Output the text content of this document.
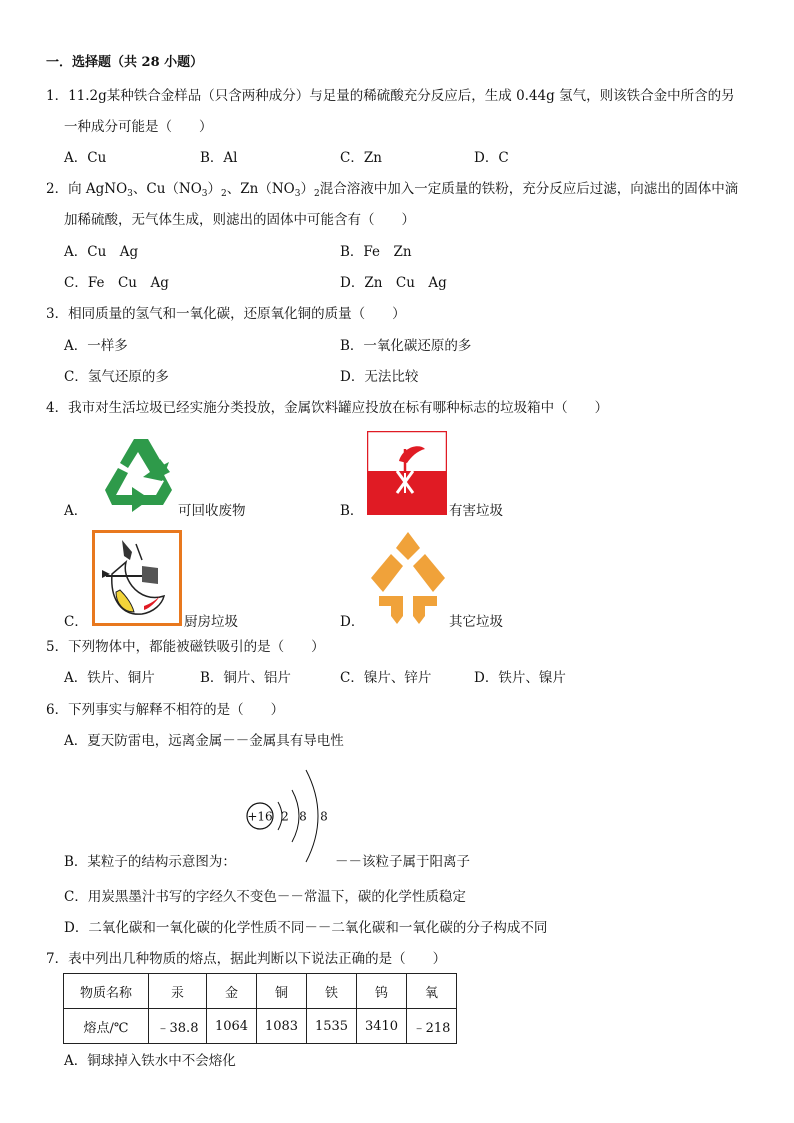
一．选择题（共 28 小题）
1．11.2g某种铁合金样品（只含两种成分）与足量的稀硫酸充分反应后，生成 0.44g 氢气，则该铁合金中所含的另
一种成分可能是（　　）
A．Cu	B．Al	C．Zn	D．C
2．向 AgNO$_3$、$Cu(NO_3)_2$、$Zn(NO_3)_2$混合溶液中加入一定质量的铁粉，充分反应后过滤，向滤出的固体中滴
加稀硫酸，无气体生成，则滤出的固体中可能含有（　　）
A．Cu　Ag	B．Fe　Zn
C．Fe　Cu　Ag	D．Zn　Cu　Ag
3．相同质量的氢气和一氧化碳，还原氧化铜的质量（　　）
A．一样多	B．一氧化碳还原的多
C．氢气还原的多	D．无法比较
4．我市对生活垃圾已经实施分类投放，金属饮料罐应投放在标有哪种标志的垃圾箱中（　　）
A．	可回收废物	B．	有害垃圾
C．	厨房垃圾	D．	其它垃圾
5．下列物体中，都能被磁铁吸引的是（　　）
A．铁片、铜片	B．铜片、铝片	C．镍片、锌片	D．铁片、镍片
6．下列事实与解释不相符的是（　　）
A．夏天防雷电，远离金属－－金属具有导电性
+16 2 8 8
B．某粒子的结构示意图为：	－－该粒子属于阳离子
C．用炭黑墨汁书写的字经久不变色－－常温下，碳的化学性质稳定
D．二氧化碳和一氧化碳的化学性质不同－－二氧化碳和一氧化碳的分子构成不同
7．表中列出几种物质的熔点，据此判断以下说法正确的是（　　）
物质名称	汞	金	铜	铁	钨	氧
熔点/℃	﹣38.8	1064	1083	1535	3410	﹣218
A．铜球掉入铁水中不会熔化
